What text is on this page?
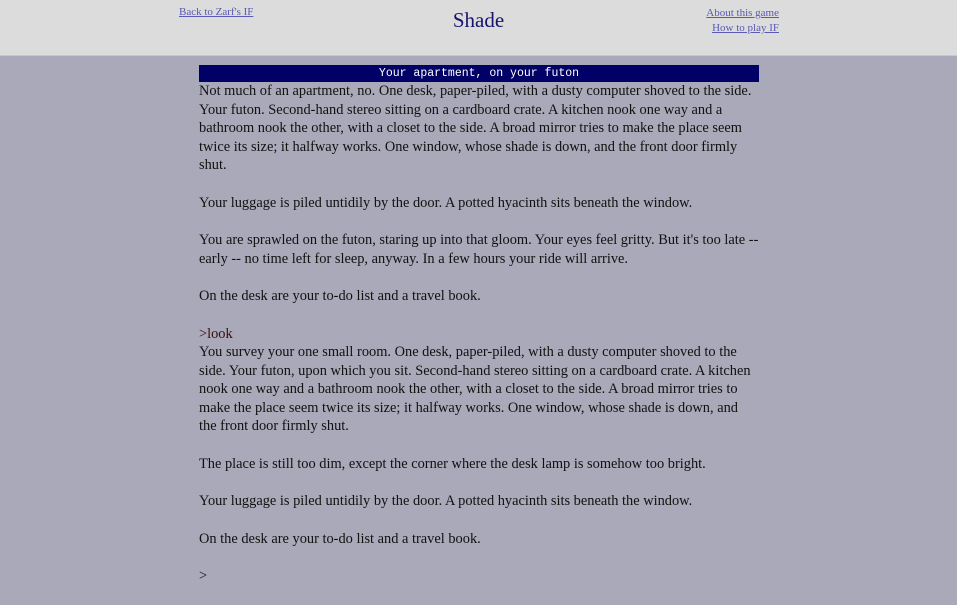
Back to Zarf's IF	Shade	About this game
How to play IF
Your apartment, on your futon

Not much of an apartment, no. One desk, paper-piled, with a dusty computer shoved to the side. Your futon. Second-hand stereo sitting on a cardboard crate. A kitchen nook one way and a bathroom nook the other, with a closet to the side. A broad mirror tries to make the place seem twice its size; it halfway works. One window, whose shade is down, and the front door firmly shut.

Your luggage is piled untidily by the door. A potted hyacinth sits beneath the window.

You are sprawled on the futon, staring up into that gloom. Your eyes feel gritty. But it's too late -- early -- no time left for sleep, anyway. In a few hours your ride will arrive.

On the desk are your to-do list and a travel book.

>look

You survey your one small room. One desk, paper-piled, with a dusty computer shoved to the side. Your futon, upon which you sit. Second-hand stereo sitting on a cardboard crate. A kitchen nook one way and a bathroom nook the other, with a closet to the side. A broad mirror tries to make the place seem twice its size; it halfway works. One window, whose shade is down, and the front door firmly shut.

The place is still too dim, except the corner where the desk lamp is somehow too bright.

Your luggage is piled untidily by the door. A potted hyacinth sits beneath the window.

On the desk are your to-do list and a travel book.

>
